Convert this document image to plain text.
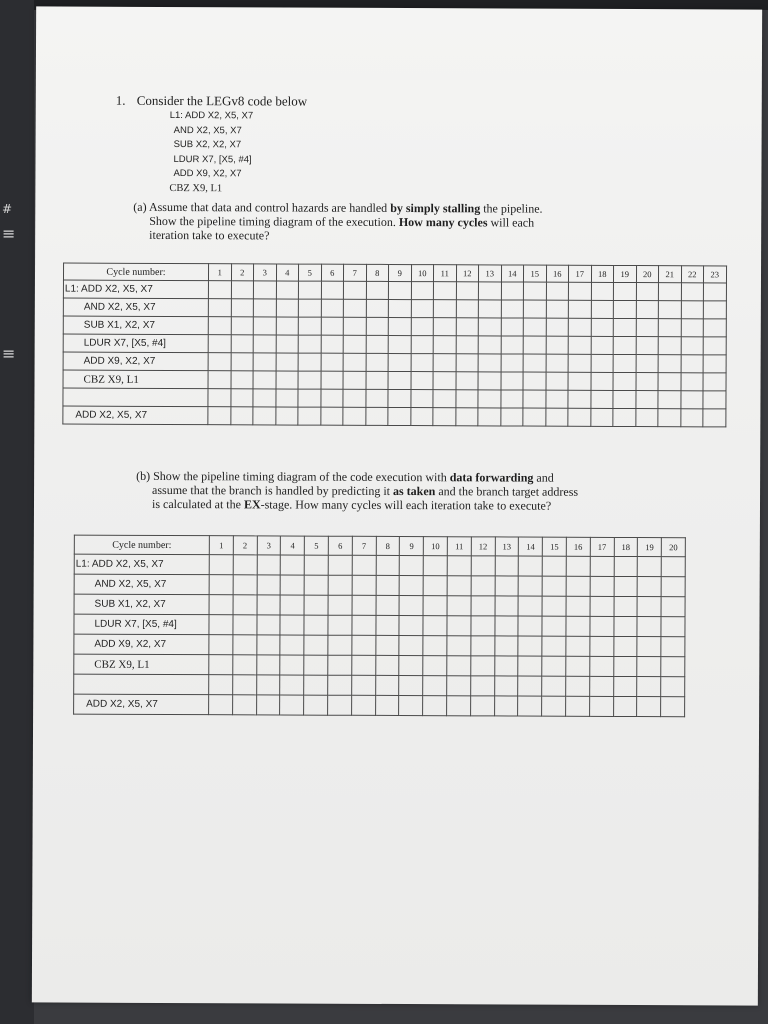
#
≡
≡
1. Consider the LEGv8 code below
L1: ADD X2, X5, X7
AND X2, X5, X7
SUB X2, X2, X7
LDUR X7, [X5, #4]
ADD X9, X2, X7
CBZ X9, L1
(a) Assume that data and control hazards are handled by simply stalling the pipeline.
Show the pipeline timing diagram of the execution. How many cycles will each
iteration take to execute?
Cycle number:	1	2	3	4	5	6	7	8	9	10	11	12	13	14	15	16	17	18	19	20	21	22	23
L1: ADD X2, X5, X7																							
AND X2, X5, X7																							
SUB X1, X2, X7																							
LDUR X7, [X5, #4]																							
ADD X9, X2, X7																							
CBZ X9, L1																							

ADD X2, X5, X7																							
(b) Show the pipeline timing diagram of the code execution with data forwarding and
assume that the branch is handled by predicting it as taken and the branch target address
is calculated at the EX-stage. How many cycles will each iteration take to execute?
Cycle number:	1	2	3	4	5	6	7	8	9	10	11	12	13	14	15	16	17	18	19	20
L1: ADD X2, X5, X7																				
AND X2, X5, X7																				
SUB X1, X2, X7																				
LDUR X7, [X5, #4]																				
ADD X9, X2, X7																				
CBZ X9, L1																				

ADD X2, X5, X7																				
